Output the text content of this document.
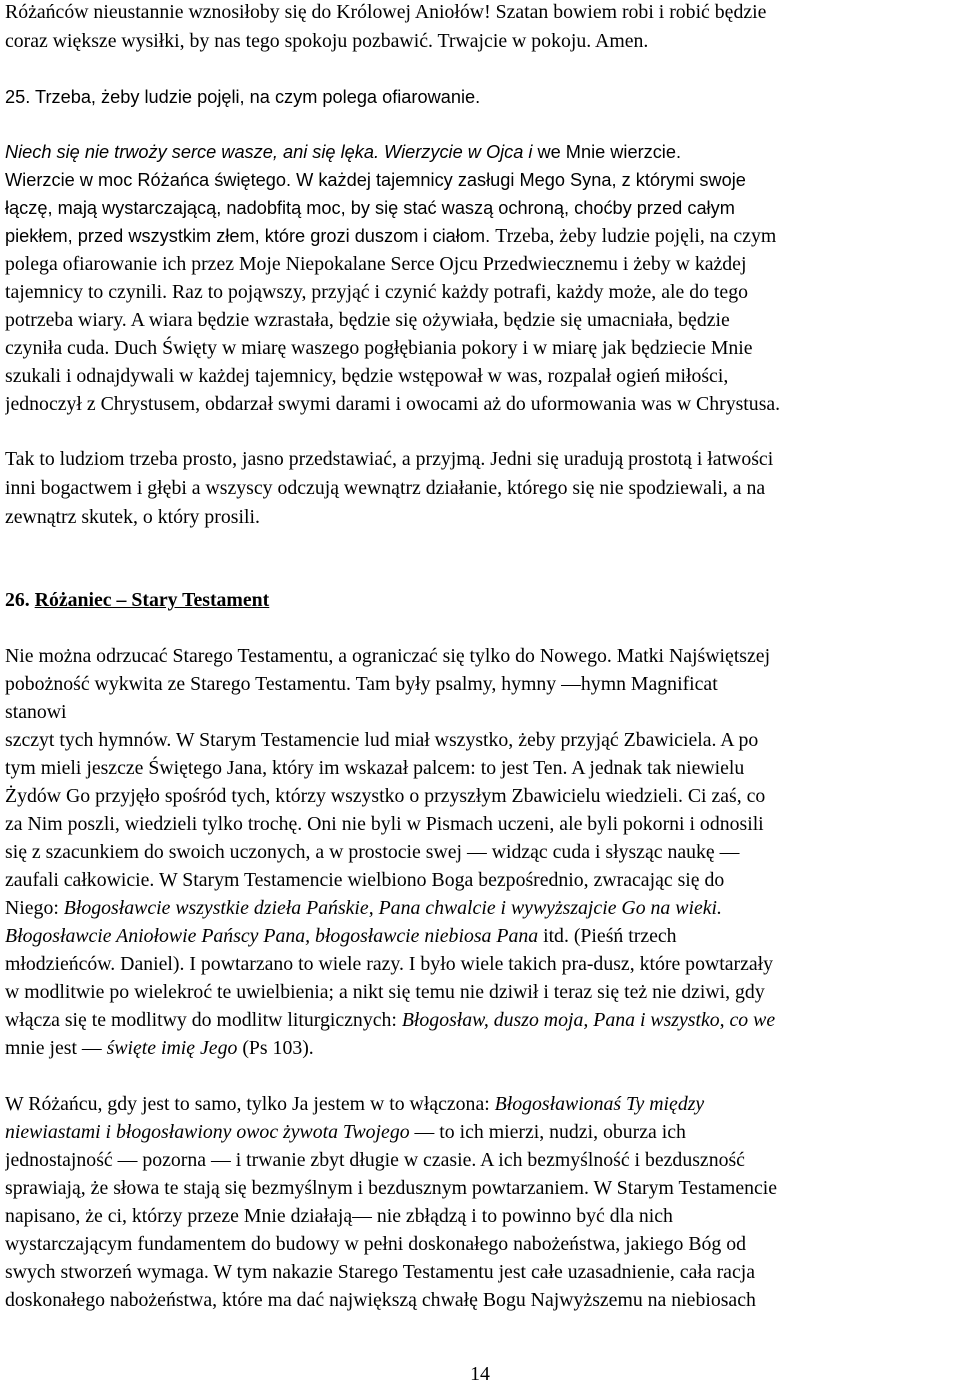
Różańców nieustannie wznosiłoby się do Królowej Aniołów! Szatan bowiem robi i robić będzie
coraz większe wysiłki, by nas tego spokoju pozbawić. Trwajcie w pokoju. Amen.
25. Trzeba, żeby ludzie pojęli, na czym polega ofiarowanie.
Niech się nie trwoży serce wasze, ani się lęka. Wierzycie w Ojca i we Mnie wierzcie.
Wierzcie w moc Różańca świętego. W każdej tajemnicy zasługi Mego Syna, z którymi swoje
łączę, mają wystarczającą, nadobfitą moc, by się stać waszą ochroną, choćby przed całym
piekłem, przed wszystkim złem, które grozi duszom i ciałom. Trzeba, żeby ludzie pojęli, na czym
polega ofiarowanie ich przez Moje Niepokalane Serce Ojcu Przedwiecznemu i żeby w każdej
tajemnicy to czynili. Raz to pojąwszy, przyjąć i czynić każdy potrafi, każdy może, ale do tego
potrzeba wiary. A wiara będzie wzrastała, będzie się ożywiała, będzie się umacniała, będzie
czyniła cuda. Duch Święty w miarę waszego pogłębiania pokory i w miarę jak będziecie Mnie
szukali i odnajdywali w każdej tajemnicy, będzie wstępował w was, rozpalał ogień miłości,
jednoczył z Chrystusem, obdarzał swymi darami i owocami aż do uformowania was w Chrystusa.
Tak to ludziom trzeba prosto, jasno przedstawiać, a przyjmą. Jedni się uradują prostotą i łatwości
inni bogactwem i głębi a wszyscy odczują wewnątrz działanie, którego się nie spodziewali, a na
zewnątrz skutek, o który prosili.
26. Różaniec – Stary Testament
Nie można odrzucać Starego Testamentu, a ograniczać się tylko do Nowego. Matki Najświętszej
pobożność wykwita ze Starego Testamentu. Tam były psalmy, hymny —hymn Magnificat
stanowi
szczyt tych hymnów. W Starym Testamencie lud miał wszystko, żeby przyjąć Zbawiciela. A po
tym mieli jeszcze Świętego Jana, który im wskazał palcem: to jest Ten. A jednak tak niewielu
Żydów Go przyjęło spośród tych, którzy wszystko o przyszłym Zbawicielu wiedzieli. Ci zaś, co
za Nim poszli, wiedzieli tylko trochę. Oni nie byli w Pismach uczeni, ale byli pokorni i odnosili
się z szacunkiem do swoich uczonych, a w prostocie swej — widząc cuda i słysząc naukę —
zaufali całkowicie. W Starym Testamencie wielbiono Boga bezpośrednio, zwracając się do
Niego: Błogosławcie wszystkie dzieła Pańskie, Pana chwalcie i wywyższajcie Go na wieki.
Błogosławcie Aniołowie Pańscy Pana, błogosławcie niebiosa Pana itd. (Pieśń trzech
młodzieńców. Daniel). I powtarzano to wiele razy. I było wiele takich pra-dusz, które powtarzały
w modlitwie po wielekroć te uwielbienia; a nikt się temu nie dziwił i teraz się też nie dziwi, gdy
włącza się te modlitwy do modlitw liturgicznych: Błogosław, duszo moja, Pana i wszystko, co we
mnie jest — święte imię Jego (Ps 103).
W Różańcu, gdy jest to samo, tylko Ja jestem w to włączona: Błogosławionaś Ty między
niewiastami i błogosławiony owoc żywota Twojego — to ich mierzi, nudzi, oburza ich
jednostajność — pozorna — i trwanie zbyt długie w czasie. A ich bezmyślność i bezduszność
sprawiają, że słowa te stają się bezmyślnym i bezdusznym powtarzaniem. W Starym Testamencie
napisano, że ci, którzy przeze Mnie działają— nie zbłądzą i to powinno być dla nich
wystarczającym fundamentem do budowy w pełni doskonałego nabożeństwa, jakiego Bóg od
swych stworzeń wymaga. W tym nakazie Starego Testamentu jest całe uzasadnienie, cała racja
doskonałego nabożeństwa, które ma dać największą chwałę Bogu Najwyższemu na niebiosach
14
